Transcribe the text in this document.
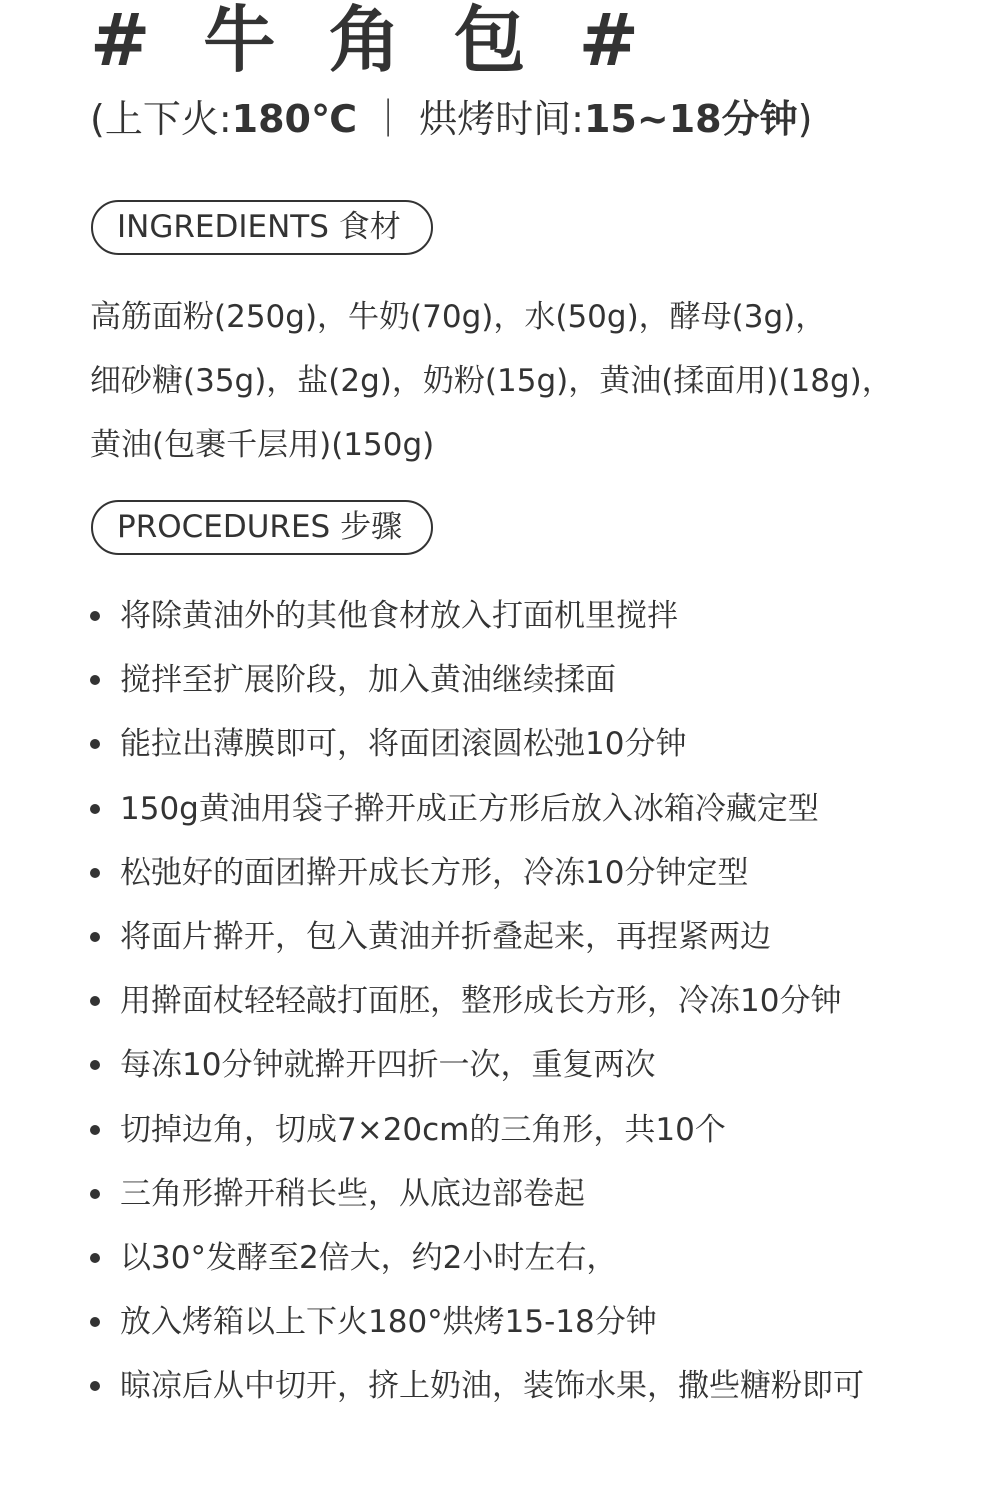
# 牛 角 包 #
(上下火:180℃ ｜ 烘烤时间:15~18分钟)
INGREDIENTS 食材
高筋面粉(250g)，牛奶(70g)，水(50g)，酵母(3g)，
细砂糖(35g)，盐(2g)，奶粉(15g)，黄油(揉面用)(18g)，
黄油(包裹千层用)(150g)
PROCEDURES 步骤
将除黄油外的其他食材放入打面机里搅拌
搅拌至扩展阶段，加入黄油继续揉面
能拉出薄膜即可，将面团滚圆松弛10分钟
150g黄油用袋子擀开成正方形后放入冰箱冷藏定型
松弛好的面团擀开成长方形，冷冻10分钟定型
将面片擀开，包入黄油并折叠起来，再捏紧两边
用擀面杖轻轻敲打面胚，整形成长方形，冷冻10分钟
每冻10分钟就擀开四折一次，重复两次
切掉边角，切成7×20cm的三角形，共10个
三角形擀开稍长些，从底边部卷起
以30°发酵至2倍大，约2小时左右，
放入烤箱以上下火180°烘烤15-18分钟
晾凉后从中切开，挤上奶油，装饰水果，撒些糖粉即可
